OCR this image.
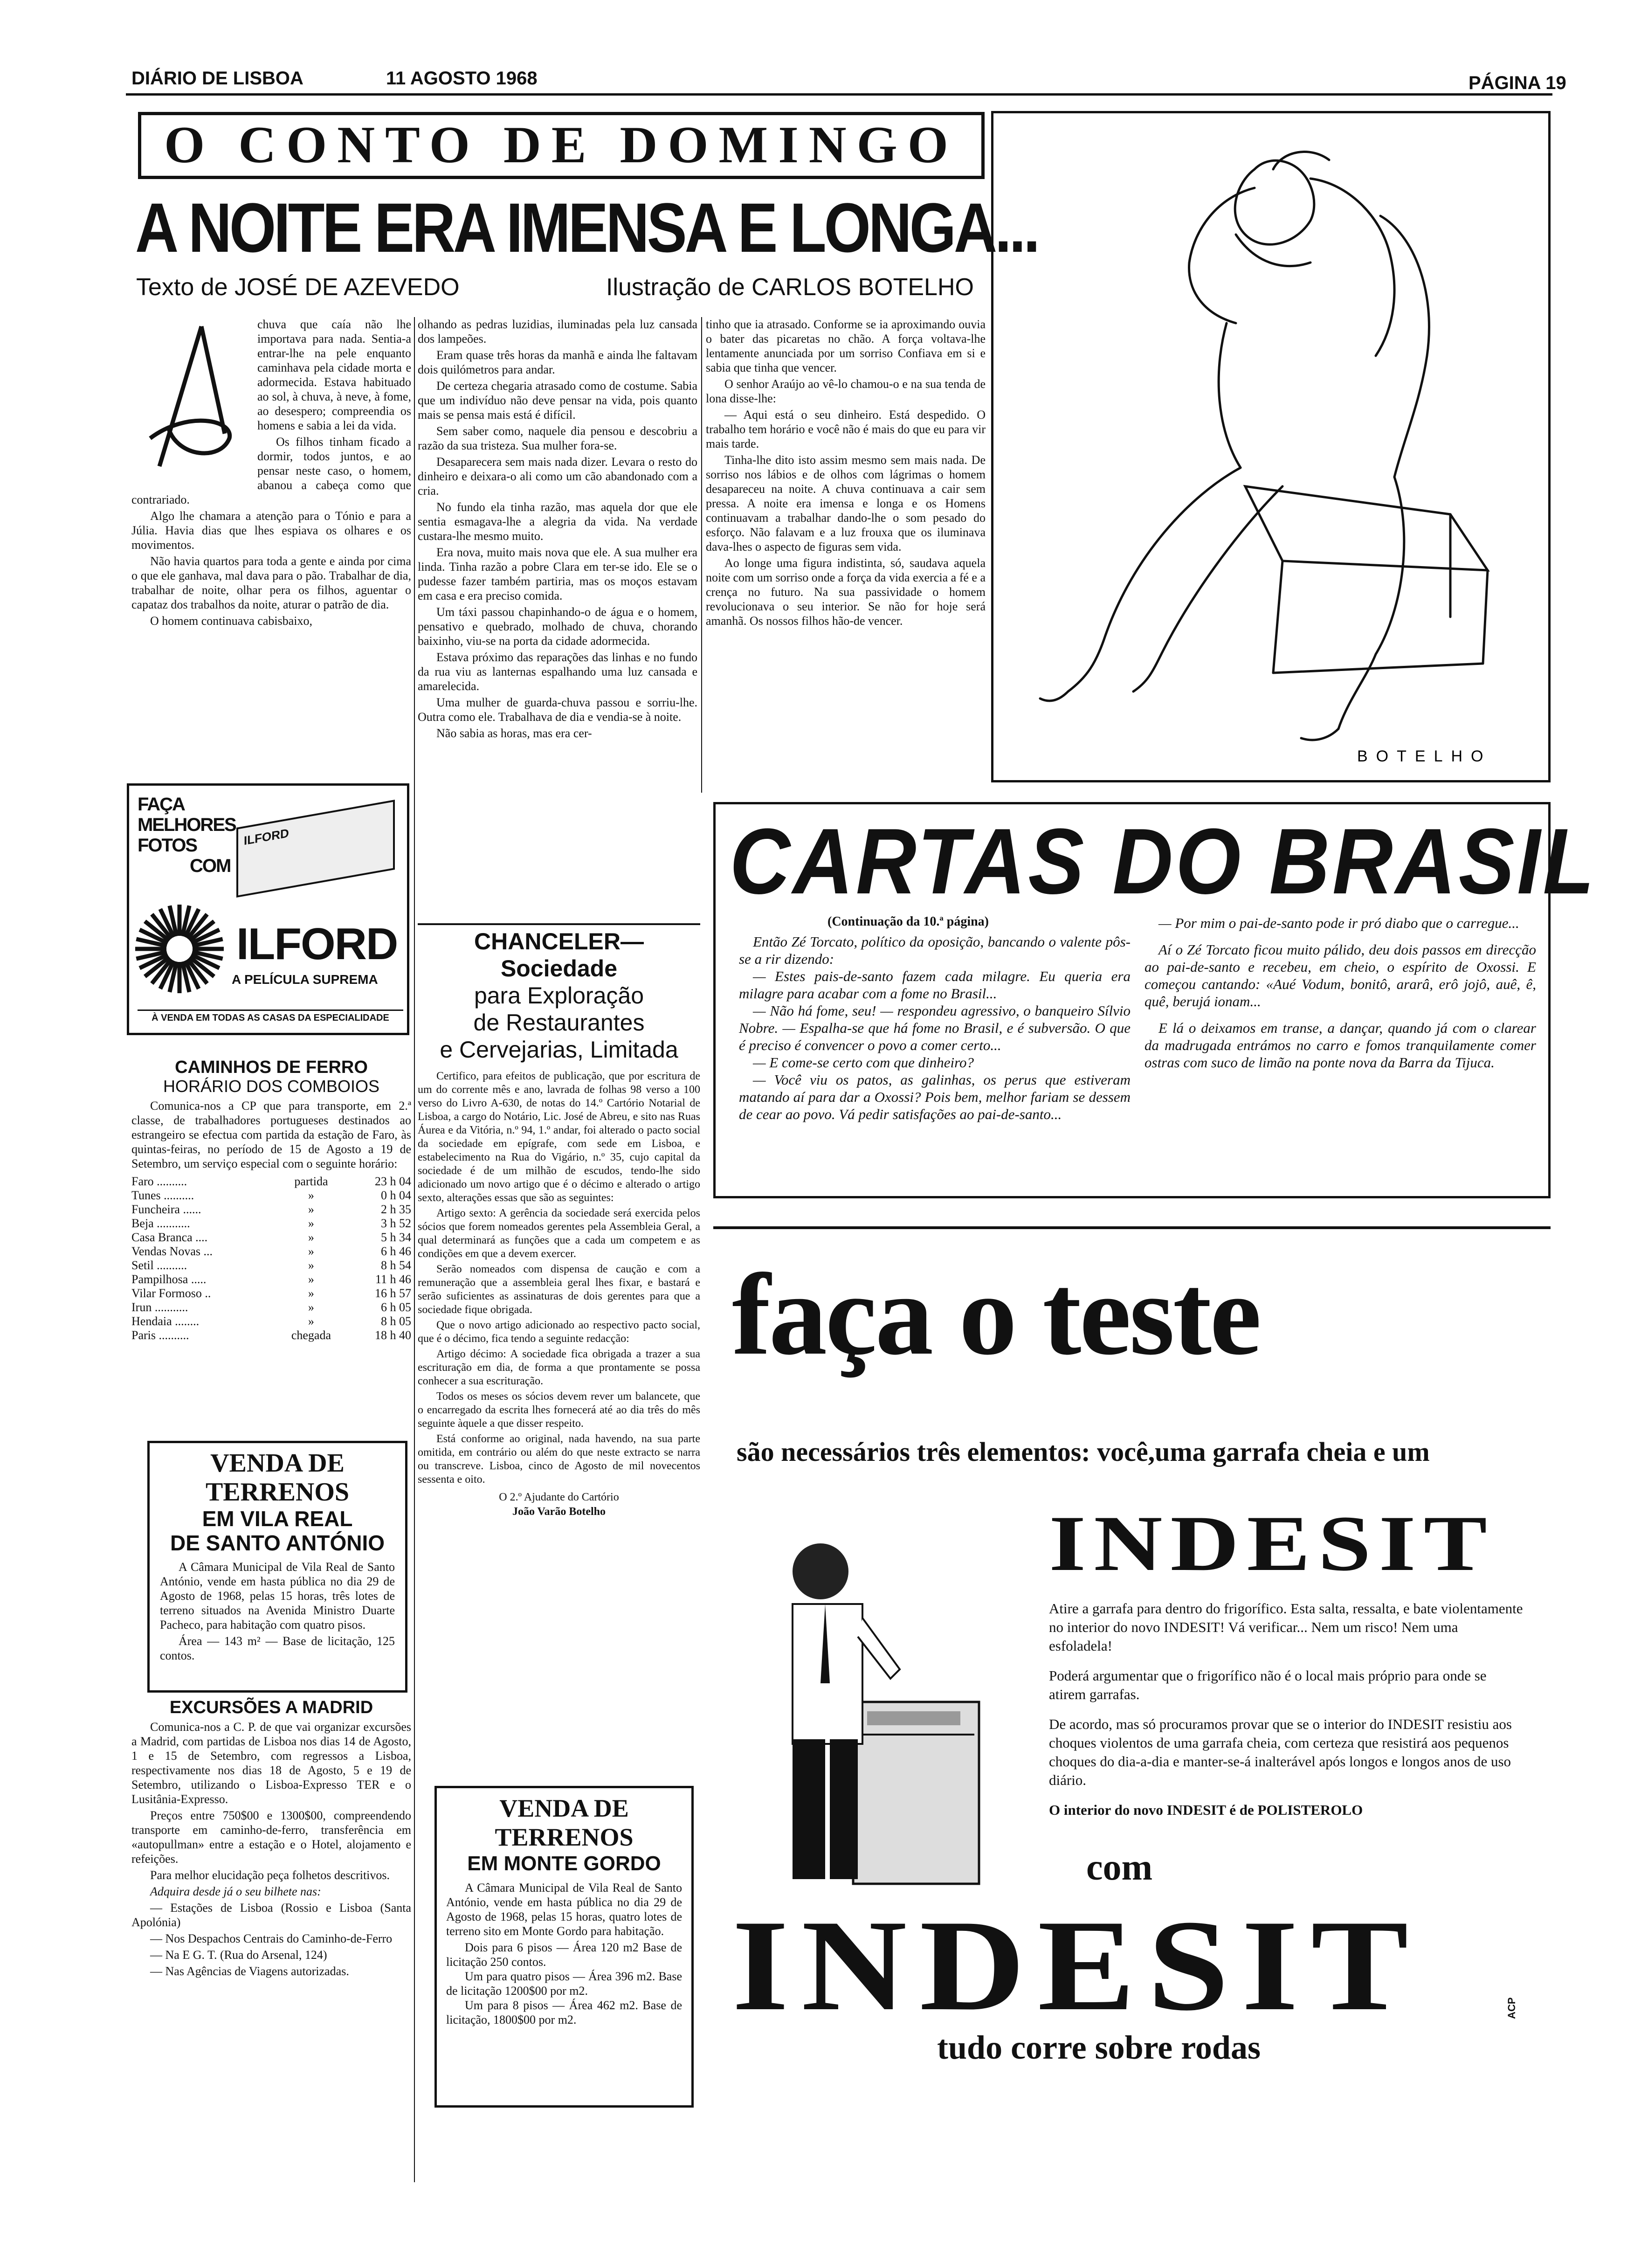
DIÁRIO DE LISBOA	11 AGOSTO 1968	PÁGINA 19
O CONTO DE DOMINGO
A NOITE ERA IMENSA E LONGA...
Texto de JOSÉ DE AZEVEDO	Ilustração de CARLOS BOTELHO

chuva que caía não lhe importava para nada. Sentia-a entrar-lhe na pele enquanto caminhava pela cidade morta e adormecida. Estava habituado ao sol, à chuva, à neve, à fome, ao desespero; compreendia os homens e sabia a lei da vida.

Os filhos tinham ficado a dormir, todos juntos, e ao pensar neste caso, o homem, abanou a cabeça como que contrariado.

Algo lhe chamara a atenção para o Tónio e para a Júlia. Havia dias que lhes espiava os olhares e os movimentos.

Não havia quartos para toda a gente e ainda por cima o que ele ganhava, mal dava para o pão. Trabalhar de dia, trabalhar de noite, olhar pera os filhos, aguentar o capataz dos trabalhos da noite, aturar o patrão de dia.

O homem continuava cabisbaixo,

olhando as pedras luzidias, iluminadas pela luz cansada dos lampeões.

Eram quase três horas da manhã e ainda lhe faltavam dois quilómetros para andar.

De certeza chegaria atrasado como de costume. Sabia que um indivíduo não deve pensar na vida, pois quanto mais se pensa mais está é difícil.

Sem saber como, naquele dia pensou e descobriu a razão da sua tristeza. Sua mulher fora-se.

Desaparecera sem mais nada dizer. Levara o resto do dinheiro e deixara-o ali como um cão abandonado com a cria.

No fundo ela tinha razão, mas aquela dor que ele sentia esmagava-lhe a alegria da vida. Na verdade custara-lhe mesmo muito.

Era nova, muito mais nova que ele. A sua mulher era linda. Tinha razão a pobre Clara em ter-se ido. Ele se o pudesse fazer também partiria, mas os moços estavam em casa e era preciso comida.

Um táxi passou chapinhando-o de água e o homem, pensativo e quebrado, molhado de chuva, chorando baixinho, viu-se na porta da cidade adormecida.

Estava próximo das reparações das linhas e no fundo da rua viu as lanternas espalhando uma luz cansada e amarelecida.

Uma mulher de guarda-chuva passou e sorriu-lhe. Outra como ele. Trabalhava de dia e vendia-se à noite.

Não sabia as horas, mas era cer-

tinho que ia atrasado. Conforme se ia aproximando ouvia o bater das picaretas no chão. A força voltava-lhe lentamente anunciada por um sorriso Confiava em si e sabia que tinha que vencer.

O senhor Araújo ao vê-lo chamou-o e na sua tenda de lona disse-lhe:

— Aqui está o seu dinheiro. Está despedido. O trabalho tem horário e você não é mais do que eu para vir mais tarde.

Tinha-lhe dito isto assim mesmo sem mais nada. De sorriso nos lábios e de olhos com lágrimas o homem desapareceu na noite. A chuva continuava a cair sem pressa. A noite era imensa e longa e os Homens continuavam a trabalhar dando-lhe o som pesado do esforço. Não falavam e a luz frouxa que os iluminava dava-lhes o aspecto de figuras sem vida.

Ao longe uma figura indistinta, só, saudava aquela noite com um sorriso onde a força da vida exercia a fé e a crença no futuro. Na sua passividade o homem revolucionava o seu interior. Se não for hoje será amanhã. Os nossos filhos hão-de vencer.

BOTELHO
FAÇA
MELHORES
FOTOS
COM
ILFORD
ILFORD
A PELÍCULA SUPREMA
À VENDA EM TODAS AS CASAS DA ESPECIALIDADE
CAMINHOS DE FERRO
HORÁRIO DOS COMBOIOS

Comunica-nos a CP que para transporte, em 2.ª classe, de trabalhadores portugueses destinados ao estrangeiro se efectua com partida da estação de Faro, às quintas-feiras, no período de 15 de Agosto a 19 de Setembro, um serviço especial com o seguinte horário:

Faro ..........	partida	23 h 04
Tunes ..........	»	0 h 04
Funcheira ......	»	2 h 35
Beja ...........	»	3 h 52
Casa Branca ....	»	5 h 34
Vendas Novas ...	»	6 h 46
Setil ..........	»	8 h 54
Pampilhosa .....	»	11 h 46
Vilar Formoso ..	»	16 h 57
Irun ...........	»	6 h 05
Hendaia ........	»	8 h 05
Paris ..........	chegada	18 h 40
VENDA DE TERRENOS
EM VILA REAL
DE SANTO ANTÓNIO

A Câmara Municipal de Vila Real de Santo António, vende em hasta pública no dia 29 de Agosto de 1968, pelas 15 horas, três lotes de terreno situados na Avenida Ministro Duarte Pacheco, para habitação com quatro pisos.

Área — 143 m² — Base de licitação, 125 contos.

EXCURSÕES A MADRID

Comunica-nos a C. P. de que vai organizar excursões a Madrid, com partidas de Lisboa nos dias 14 de Agosto, 1 e 15 de Setembro, com regressos a Lisboa, respectivamente nos dias 18 de Agosto, 5 e 19 de Setembro, utilizando o Lisboa-Expresso TER e o Lusitânia-Expresso.

Preços entre 750$00 e 1300$00, compreendendo transporte em caminho-de-ferro, transferência em «autopullman» entre a estação e o Hotel, alojamento e refeições.

Para melhor elucidação peça folhetos descritivos.

Adquira desde já o seu bilhete nas:

— Estações de Lisboa (Rossio e Lisboa (Santa Apolónia)

— Nos Despachos Centrais do Caminho-de-Ferro

— Na E G. T. (Rua do Arsenal, 124)

— Nas Agências de Viagens autorizadas.

CHANCELER—Sociedade
para Exploração
de Restaurantes
e Cervejarias, Limitada

Certifico, para efeitos de publicação, que por escritura de um do corrente mês e ano, lavrada de folhas 98 verso a 100 verso do Livro A-630, de notas do 14.º Cartório Notarial de Lisboa, a cargo do Notário, Lic. José de Abreu, e sito nas Ruas Áurea e da Vitória, n.º 94, 1.º andar, foi alterado o pacto social da sociedade em epígrafe, com sede em Lisboa, e estabelecimento na Rua do Vigário, n.º 35, cujo capital da sociedade é de um milhão de escudos, tendo-lhe sido adicionado um novo artigo que é o décimo e alterado o artigo sexto, alterações essas que são as seguintes:

Artigo sexto: A gerência da sociedade será exercida pelos sócios que forem nomeados gerentes pela Assembleia Geral, a qual determinará as funções que a cada um competem e as condições em que a devem exercer.

Serão nomeados com dispensa de caução e com a remuneração que a assembleia geral lhes fixar, e bastará e serão suficientes as assinaturas de dois gerentes para que a sociedade fique obrigada.

Que o novo artigo adicionado ao respectivo pacto social, que é o décimo, fica tendo a seguinte redacção:

Artigo décimo: A sociedade fica obrigada a trazer a sua escrituração em dia, de forma a que prontamente se possa conhecer a sua escrituração.

Todos os meses os sócios devem rever um balancete, que o encarregado da escrita lhes fornecerá até ao dia três do mês seguinte àquele a que disser respeito.

Está conforme ao original, nada havendo, na sua parte omitida, em contrário ou além do que neste extracto se narra ou transcreve. Lisboa, cinco de Agosto de mil novecentos sessenta e oito.

O 2.º Ajudante do Cartório
João Varão Botelho
VENDA DE TERRENOS
EM MONTE GORDO

A Câmara Municipal de Vila Real de Santo António, vende em hasta pública no dia 29 de Agosto de 1968, pelas 15 horas, quatro lotes de terreno sito em Monte Gordo para habitação.

Dois para 6 pisos — Área 120 m2 Base de licitação 250 contos.

Um para quatro pisos — Área 396 m2. Base de licitação 1200$00 por m2.

Um para 8 pisos — Área 462 m2. Base de licitação, 1800$00 por m2.

CARTAS DO BRASIL
(Continuação da 10.ª página)

Então Zé Torcato, político da oposição, bancando o valente pôs-se a rir dizendo:

— Estes pais-de-santo fazem cada milagre. Eu queria era milagre para acabar com a fome no Brasil...

— Não há fome, seu! — respondeu agressivo, o banqueiro Sílvio Nobre. — Espalha-se que há fome no Brasil, e é subversão. O que é preciso é convencer o povo a comer certo...

— E come-se certo com que dinheiro?

— Você viu os patos, as galinhas, os perus que estiveram matando aí para dar a Oxossi? Pois bem, melhor fariam se dessem de cear ao povo. Vá pedir satisfações ao pai-de-santo...

— Por mim o pai-de-santo pode ir pró diabo que o carregue...

Aí o Zé Torcato ficou muito pálido, deu dois passos em direcção ao pai-de-santo e recebeu, em cheio, o espírito de Oxossi. E começou cantando: «Aué Vodum, bonitô, ararâ, erô jojô, auê, ê, quê, berujá ionam...

E lá o deixamos em transe, a dançar, quando já com o clarear da madrugada entrámos no carro e fomos tranquilamente comer ostras com suco de limão na ponte nova da Barra da Tijuca.

faça o teste
são necessários três elementos: você,uma garrafa cheia e um
INDESIT

Atire a garrafa para dentro do frigorífico. Esta salta, ressalta, e bate violentamente no interior do novo INDESIT! Vá verificar... Nem um risco! Nem uma esfoladela!

Poderá argumentar que o frigorífico não é o local mais próprio para onde se atirem garrafas.

De acordo, mas só procuramos provar que se o interior do INDESIT resistiu aos choques violentos de uma garrafa cheia, com certeza que resistirá aos pequenos choques do dia-a-dia e manter-se-á inalterável após longos e longos anos de uso diário.

O interior do novo INDESIT é de POLISTEROLO

com
INDESIT
tudo corre sobre rodas
ACP
